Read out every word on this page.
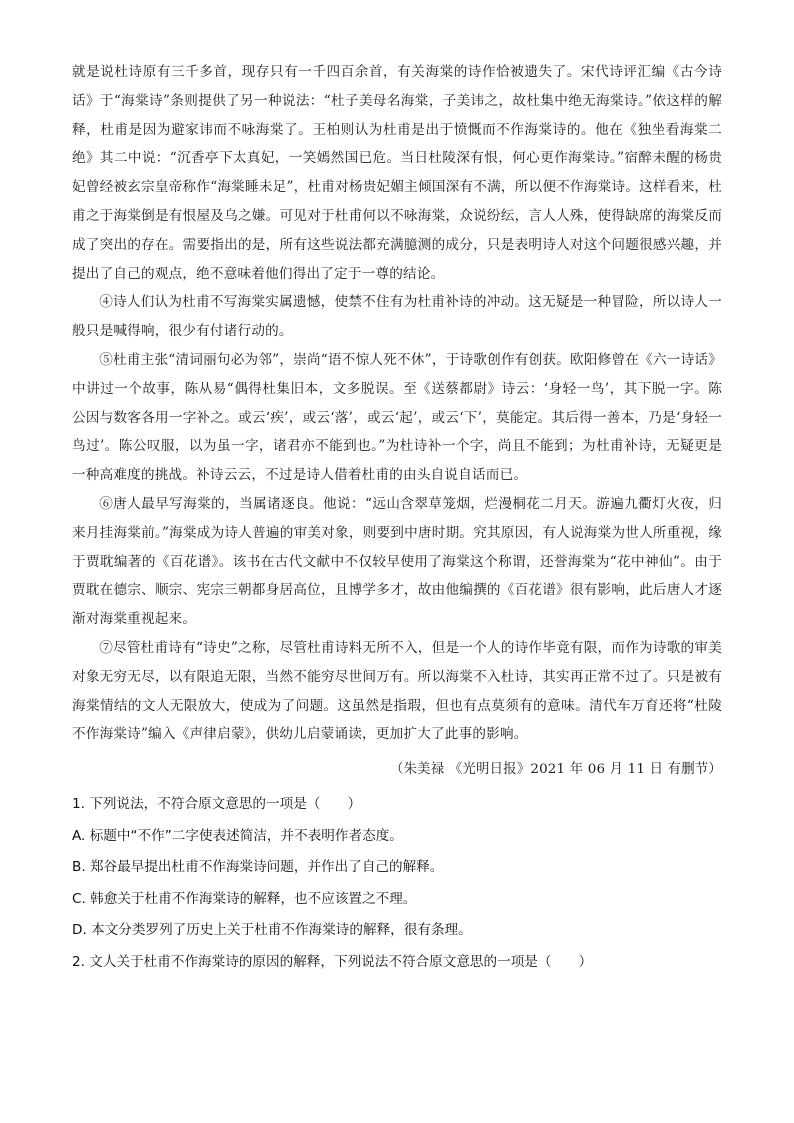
就是说杜诗原有三千多首，现存只有一千四百余首，有关海棠的诗作恰被遗失了。宋代诗评汇编《古今诗话》于“海棠诗”条则提供了另一种说法：“杜子美母名海棠，子美讳之，故杜集中绝无海棠诗。”依这样的解释，杜甫是因为避家讳而不咏海棠了。王柏则认为杜甫是出于愤慨而不作海棠诗的。他在《独坐看海棠二绝》其二中说：“沉香亭下太真妃，一笑嫣然国已危。当日杜陵深有恨，何心更作海棠诗。”宿醉未醒的杨贵妃曾经被玄宗皇帝称作“海棠睡未足”，杜甫对杨贵妃媚主倾国深有不满，所以便不作海棠诗。这样看来，杜甫之于海棠倒是有恨屋及乌之嫌。可见对于杜甫何以不咏海棠，众说纷纭，言人人殊，使得缺席的海棠反而成了突出的存在。需要指出的是，所有这些说法都充满臆测的成分，只是表明诗人对这个问题很感兴趣，并提出了自己的观点，绝不意味着他们得出了定于一尊的结论。

④诗人们认为杜甫不写海棠实属遗憾，使禁不住有为杜甫补诗的冲动。这无疑是一种冒险，所以诗人一般只是喊得响，很少有付诸行动的。

⑤杜甫主张“清词丽句必为邻”，崇尚“语不惊人死不休”，于诗歌创作有创获。欧阳修曾在《六一诗话》中讲过一个故事，陈从易“偶得杜集旧本，文多脱误。至《送蔡都尉》诗云：‘身轻一鸟’，其下脱一字。陈公因与数客各用一字补之。或云‘疾’，或云‘落’，或云‘起’，或云‘下’，莫能定。其后得一善本，乃是‘身轻一鸟过’。陈公叹服，以为虽一字，诸君亦不能到也。”为杜诗补一个字，尚且不能到；为杜甫补诗，无疑更是一种高难度的挑战。补诗云云，不过是诗人借着杜甫的由头自说自话而已。

⑥唐人最早写海棠的，当属诸逐良。他说：“远山含翠草笼烟，烂漫桐花二月天。游遍九衢灯火夜，归来月挂海棠前。”海棠成为诗人普遍的审美对象，则要到中唐时期。究其原因，有人说海棠为世人所重视，缘于贾耽编著的《百花谱》。该书在古代文献中不仅较早使用了海棠这个称谓，还誉海棠为“花中神仙”。由于贾耽在德宗、顺宗、宪宗三朝都身居高位，且博学多才，故由他编撰的《百花谱》很有影响，此后唐人才逐渐对海棠重视起来。

⑦尽管杜甫诗有“诗史”之称，尽管杜甫诗料无所不入，但是一个人的诗作毕竟有限，而作为诗歌的审美对象无穷无尽，以有限追无限，当然不能穷尽世间万有。所以海棠不入杜诗，其实再正常不过了。只是被有海棠情结的文人无限放大，使成为了问题。这虽然是指瑕，但也有点莫须有的意味。清代车万育还将“杜陵不作海棠诗”编入《声律启蒙》，供幼儿启蒙诵读，更加扩大了此事的影响。

（朱美禄 《光明日报》2021 年 06 月 11 日 有删节）

1. 下列说法，不符合原文意思的一项是（　　）

A. 标题中“不作”二字使表述简洁，并不表明作者态度。

B. 郑谷最早提出杜甫不作海棠诗问题，并作出了自己的解释。

C. 韩愈关于杜甫不作海棠诗的解释，也不应该置之不理。

D. 本文分类罗列了历史上关于杜甫不作海棠诗的解释，很有条理。

2. 文人关于杜甫不作海棠诗的原因的解释，下列说法不符合原文意思的一项是（　　）
